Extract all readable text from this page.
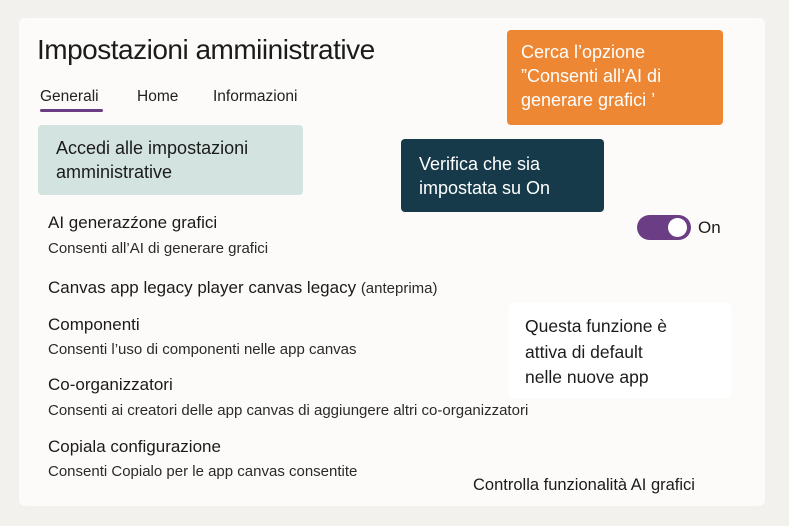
Impostazioni ammiinistrative
Generali Home Informazioni
Accedi alle impostazioni
amministrative
Cerca l’opzione
”Consenti all’AI di
generare grafici ’
Verifica che sia
impostata su On
AI generazźone grafici
Consenti all’AI di generare grafici
On
Canvas app legacy player canvas legacy (anteprima)
Componenti
Consenti l’uso di componenti nelle app canvas
Co-organizzatori
Consenti ai creatori delle app canvas di aggiungere altri co-organizzatori
Copiala configurazione
Consenti Copialo per le app canvas consentite
Questa funzione è
attiva di default
nelle nuove app
Controlla funzionalità AI grafici
